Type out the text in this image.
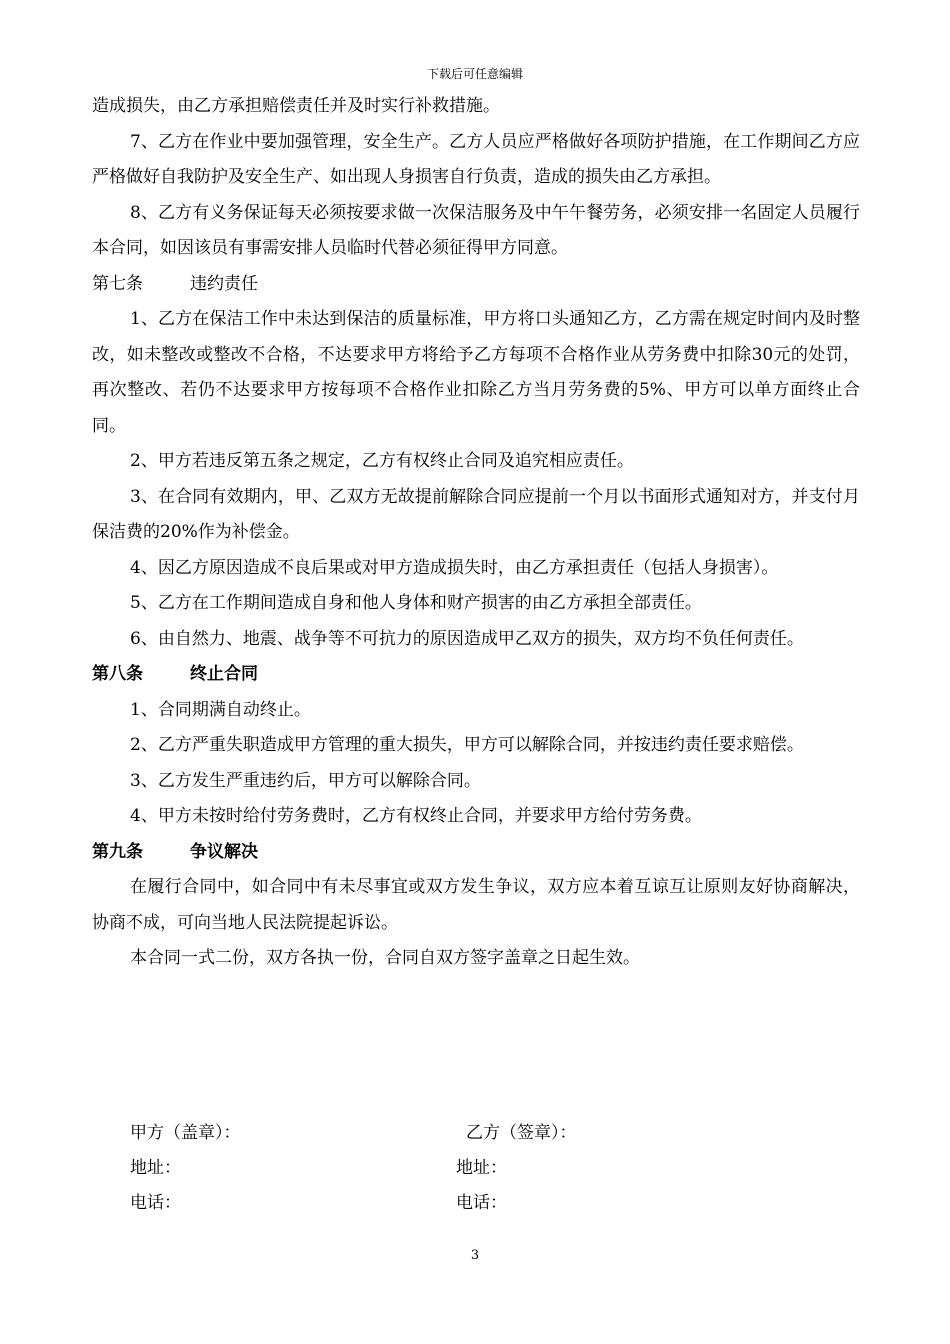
下载后可任意编辑

造成损失，由乙方承担赔偿责任并及时实行补救措施。

7、乙方在作业中要加强管理，安全生产。乙方人员应严格做好各项防护措施，在工作期间乙方应严格做好自我防护及安全生产、如出现人身损害自行负责，造成的损失由乙方承担。

8、乙方有义务保证每天必须按要求做一次保洁服务及中午午餐劳务，必须安排一名固定人员履行本合同，如因该员有事需安排人员临时代替必须征得甲方同意。

第七条	违约责任

1、乙方在保洁工作中未达到保洁的质量标准，甲方将口头通知乙方，乙方需在规定时间内及时整改，如未整改或整改不合格，不达要求甲方将给予乙方每项不合格作业从劳务费中扣除30元的处罚，再次整改、若仍不达要求甲方按每项不合格作业扣除乙方当月劳务费的5%、甲方可以单方面终止合同。

2、甲方若违反第五条之规定，乙方有权终止合同及追究相应责任。

3、在合同有效期内，甲、乙双方无故提前解除合同应提前一个月以书面形式通知对方，并支付月保洁费的20%作为补偿金。

4、因乙方原因造成不良后果或对甲方造成损失时，由乙方承担责任（包括人身损害）。

5、乙方在工作期间造成自身和他人身体和财产损害的由乙方承担全部责任。

6、由自然力、地震、战争等不可抗力的原因造成甲乙双方的损失，双方均不负任何责任。

第八条	终止合同

1、合同期满自动终止。

2、乙方严重失职造成甲方管理的重大损失，甲方可以解除合同，并按违约责任要求赔偿。

3、乙方发生严重违约后，甲方可以解除合同。

4、甲方未按时给付劳务费时，乙方有权终止合同，并要求甲方给付劳务费。

第九条	争议解决

在履行合同中，如合同中有未尽事宜或双方发生争议，双方应本着互谅互让原则友好协商解决，协商不成，可向当地人民法院提起诉讼。

本合同一式二份，双方各执一份，合同自双方签字盖章之日起生效。

甲方（盖章）：
地址：
电话：
乙方（签章）：
地址：
电话：
3
